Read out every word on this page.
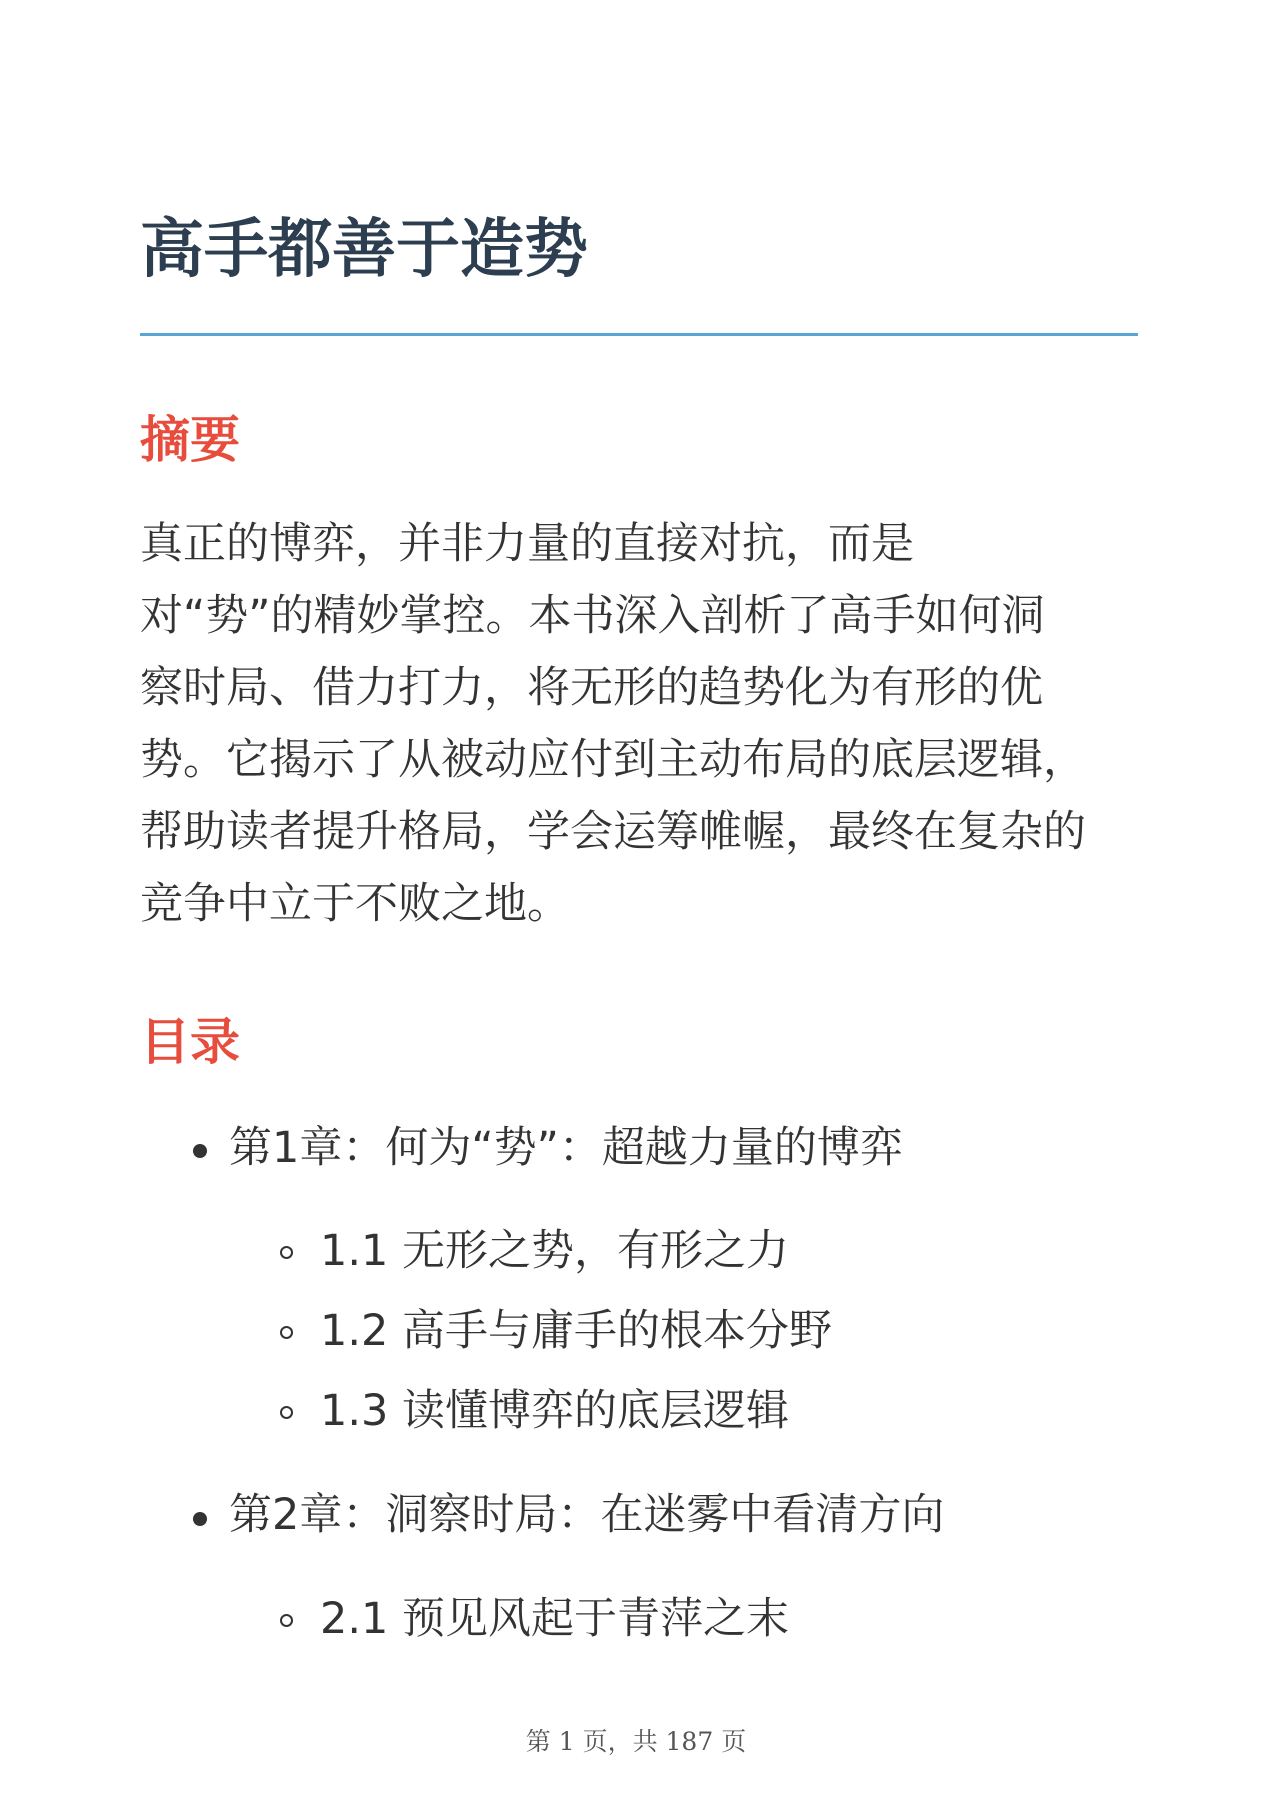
高手都善于造势
摘要

真正的博弈，并非力量的直接对抗，而是
对“势”的精妙掌控。本书深入剖析了高手如何洞
察时局、借力打力，将无形的趋势化为有形的优
势。它揭示了从被动应付到主动布局的底层逻辑，
帮助读者提升格局，学会运筹帷幄，最终在复杂的
竞争中立于不败之地。

目录
第1章：何为“势”：超越力量的博弈
1.1 无形之势，有形之力
1.2 高手与庸手的根本分野
1.3 读懂博弈的底层逻辑
第2章：洞察时局：在迷雾中看清方向
2.1 预见风起于青萍之末
第 1 页，共 187 页
